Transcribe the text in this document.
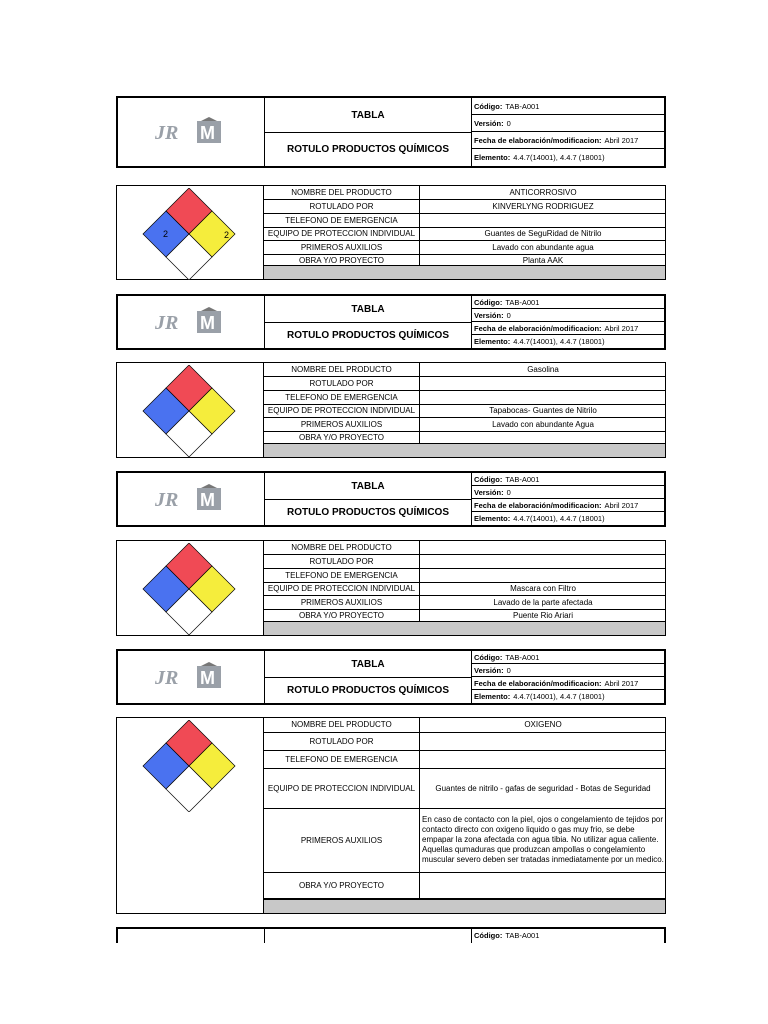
JR M
TABLA
ROTULO PRODUCTOS QUÍMICOS
Código: TAB-A001
Versión: 0
Fecha de elaboración/modificacion: Abril 2017
Elemento: 4.4.7(14001), 4.4.7 (18001)
2	2
NOMBRE DEL PRODUCTO	ANTICORROSIVO
ROTULADO POR	KINVERLYNG RODRIGUEZ
TELEFONO DE EMERGENCIA	
EQUIPO DE PROTECCION INDIVIDUAL	Guantes de SeguRidad de Nitrilo
PRIMEROS AUXILIOS	Lavado con abundante agua
OBRA Y/O PROYECTO	Planta AAK
JR M
TABLA
ROTULO PRODUCTOS QUÍMICOS
Código: TAB-A001
Versión: 0
Fecha de elaboración/modificacion: Abril 2017
Elemento: 4.4.7(14001), 4.4.7 (18001)
NOMBRE DEL PRODUCTO	Gasolina
ROTULADO POR	
TELEFONO DE EMERGENCIA	
EQUIPO DE PROTECCION INDIVIDUAL	Tapabocas- Guantes de Nitrilo
PRIMEROS AUXILIOS	Lavado con abundante Agua
OBRA Y/O PROYECTO	
JR M
TABLA
ROTULO PRODUCTOS QUÍMICOS
Código: TAB-A001
Versión: 0
Fecha de elaboración/modificacion: Abril 2017
Elemento: 4.4.7(14001), 4.4.7 (18001)
NOMBRE DEL PRODUCTO	
ROTULADO POR	
TELEFONO DE EMERGENCIA	
EQUIPO DE PROTECCION INDIVIDUAL	Mascara con Filtro
PRIMEROS AUXILIOS	Lavado de la parte afectada
OBRA Y/O PROYECTO	Puente Rio Ariari
JR M
TABLA
ROTULO PRODUCTOS QUÍMICOS
Código: TAB-A001
Versión: 0
Fecha de elaboración/modificacion: Abril 2017
Elemento: 4.4.7(14001), 4.4.7 (18001)
NOMBRE DEL PRODUCTO	OXIGENO
ROTULADO POR	
TELEFONO DE EMERGENCIA	
EQUIPO DE PROTECCION INDIVIDUAL	Guantes de nitrilo - gafas de seguridad - Botas de Seguridad
PRIMEROS AUXILIOS	En caso de contacto con la piel, ojos o congelamiento de tejidos por contacto directo con oxigeno liquido o gas muy frio, se debe empapar la zona afectada con agua tibia. No utilizar agua caliente. Aquellas qumaduras que produzcan ampollas o congelamiento muscular severo deben ser tratadas inmediatamente por un medico.
OBRA Y/O PROYECTO	
Código: TAB-A001
